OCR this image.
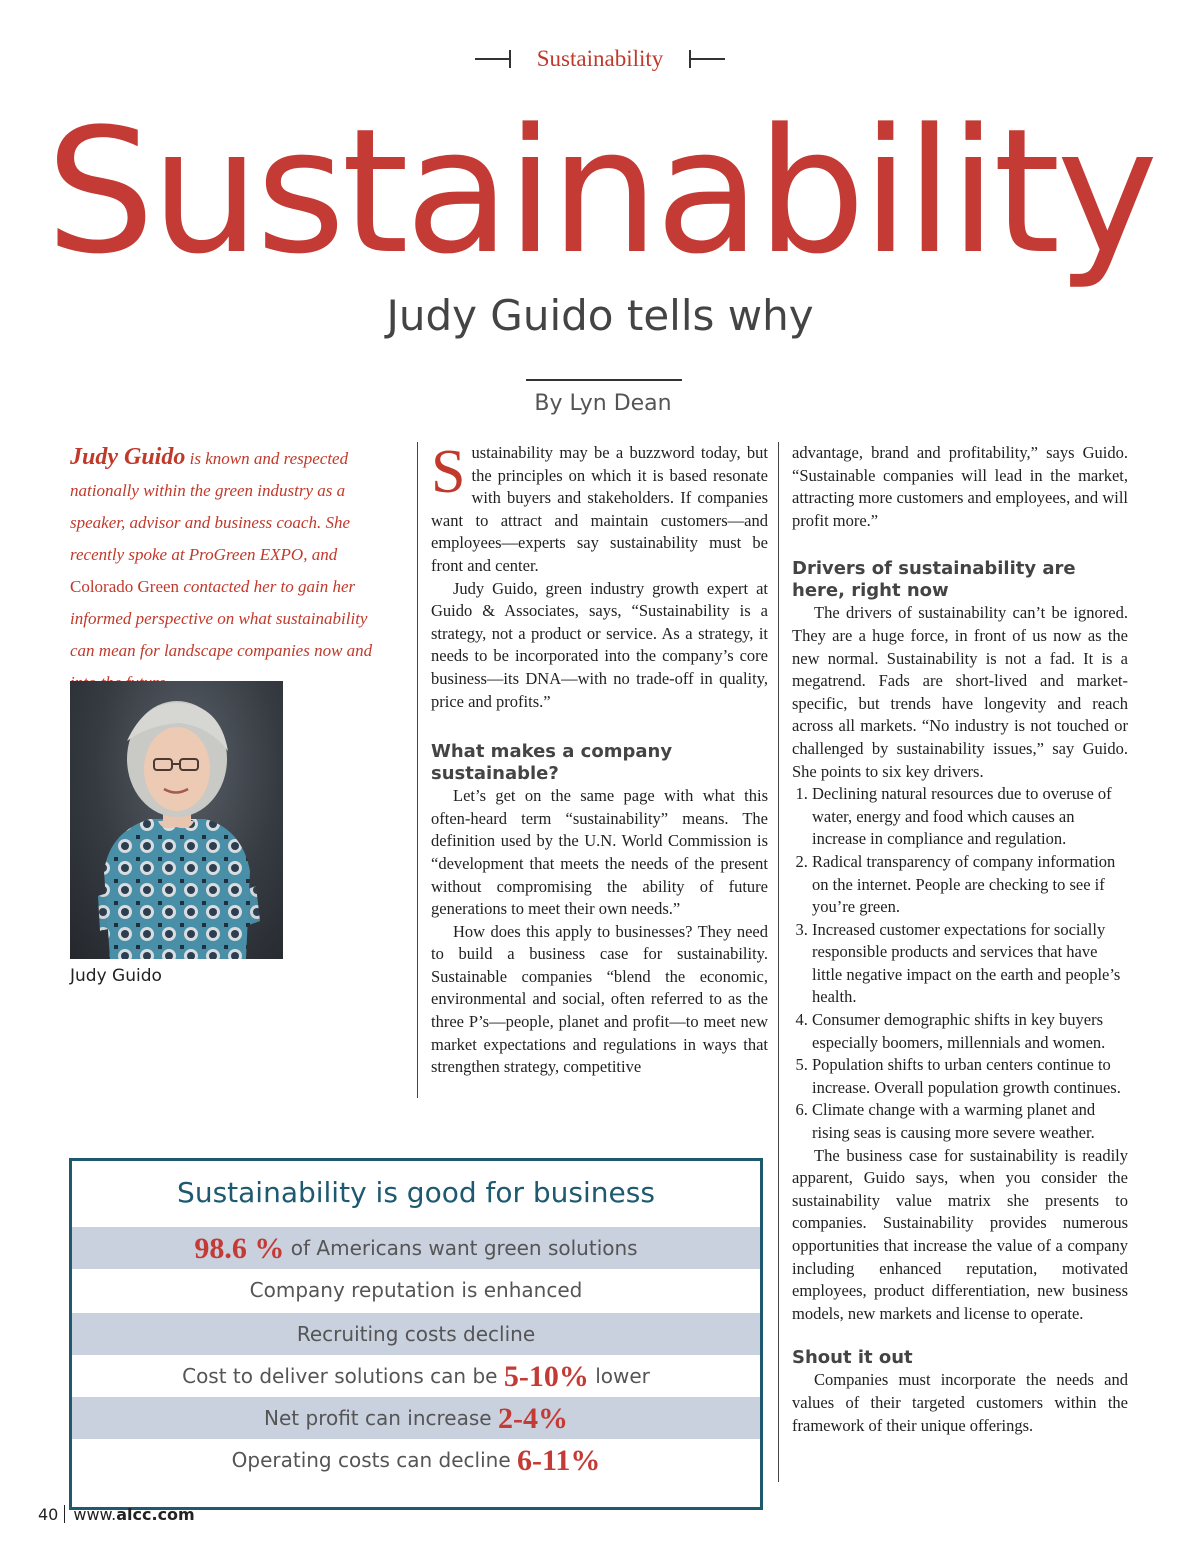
Sustainability
Sustainability
Judy Guido tells why
By Lyn Dean
Judy Guido is known and respected nationally within the green industry as a speaker, advisor and business coach. She recently spoke at ProGreen EXPO, and Colorado Green contacted her to gain her informed perspective on what sustainability can mean for landscape companies now and
Judy Guido

Sustainability may be a buzzword today, but the principles on which it is based resonate with buyers and stakeholders. If companies want to attract and maintain customers—and employees—experts say sustainability must be front and center.

Judy Guido, green industry growth expert at Guido & Associates, says, “Sustainability is a strategy, not a product or service. As a strategy, it needs to be incorporated into the company’s core business—its DNA—with no trade-off in quality, price and profits.”

What makes a company sustainable?

Let’s get on the same page with what this often-heard term “sustainability” means. The definition used by the U.N. World Commission is “development that meets the needs of the present without compromising the ability of future generations to meet their own needs.”

How does this apply to businesses? They need to build a business case for sustainability. Sustainable companies “blend the economic, environmental and social, often referred to as the three P’s—people, planet and profit—to meet new market expectations and regulations in ways that strengthen strategy, competitive

advantage, brand and profitability,” says Guido. “Sustainable companies will lead in the market, attracting more customers and employees, and will profit more.”

Drivers of sustainability are here, right now

The drivers of sustainability can’t be ignored. They are a huge force, in front of us now as the new normal. Sustainability is not a fad. It is a megatrend. Fads are short-lived and market-specific, but trends have longevity and reach across all markets. “No industry is not touched or challenged by sustainability issues,” say Guido. She points to six key drivers.

1. Declining natural resources due to overuse of water, energy and food which causes an increase in compliance and regulation.
2. Radical transparency of company information on the internet. People are checking to see if you’re green.
3. Increased customer expectations for socially responsible products and services that have little negative impact on the earth and people’s health.
4. Consumer demographic shifts in key buyers especially boomers, millennials and women.
5. Population shifts to urban centers continue to increase. Overall population growth continues.
6. Climate change with a warming planet and rising seas is causing more severe weather.

The business case for sustainability is readily apparent, Guido says, when you consider the sustainability value matrix she presents to companies. Sustainability provides numerous opportunities that increase the value of a company including enhanced reputation, motivated employees, product differentiation, new business models, new markets and license to operate.

Shout it out

Companies must incorporate the needs and values of their targeted customers within the framework of their unique offerings.

Sustainability is good for business
98.6 % of Americans want green solutions
Company reputation is enhanced
Recruiting costs decline
Cost to deliver solutions can be 5-10% lower
Net profit can increase 2-4%
Operating costs can decline 6-11%
40 www.alcc.com
